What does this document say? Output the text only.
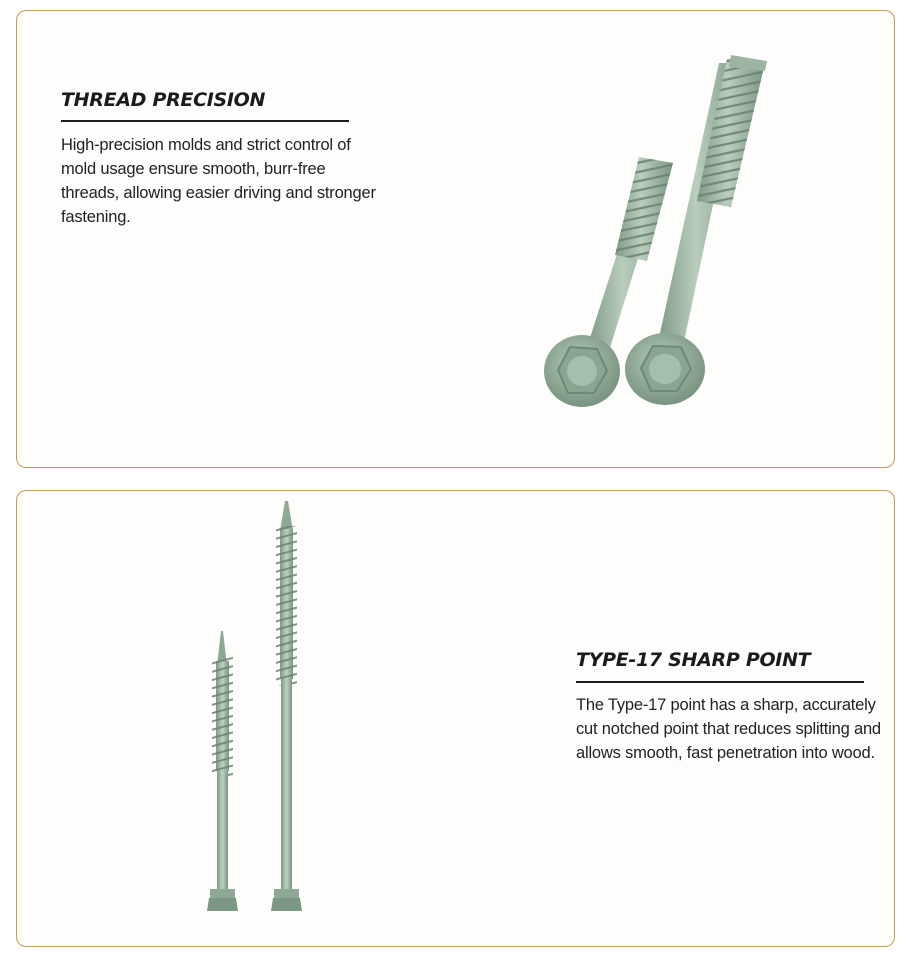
THREAD PRECISION

High-precision molds and strict control of mold usage ensure smooth, burr-free threads, allowing easier driving and stronger fastening.

TYPE-17 SHARP POINT

The Type-17 point has a sharp, accurately cut notched point that reduces splitting and allows smooth, fast penetration into wood.
